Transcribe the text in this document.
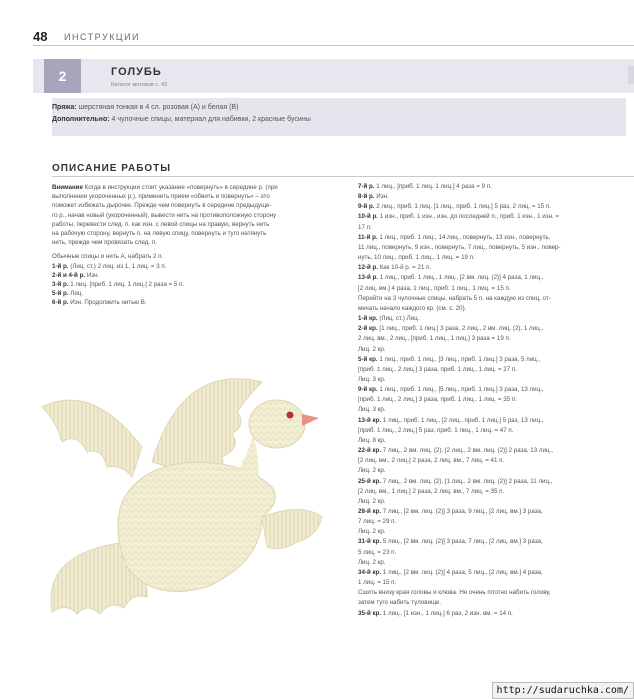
48 ИНСТРУКЦИИ
2	ГОЛУБЬ
Каталог мотивов с. 42
Пряжа: шерстяная тонкая в 4 сл. розовая (A) и белая (B)
Дополнительно: 4 чулочные спицы, материал для набивки, 2 красные бусины
ОПИСАНИЕ РАБОТЫ
Внимание Когда в инструкции стоит указание «повернуть» в середине р. (при
выполнении укороченных р.), применить прием «обвить и повернуть» – это
поможет избежать дырочек. Прежде чем повернуть в середине предыдуще-
го р., начав новый (укороченный), вывести нить на противоположную сторону
работы, перевести след. п. как изн. с левой спицы на правую, вернуть нить
на рабочую сторону, вернуть п. на левую спицу, повернуть и туго натянуть
нить, прежде чем провязать след. п.
Обычные спицы и нить A, набрать 2 п.
1-й р. (Лиц. ст.) 2 лиц. из 1, 1 лиц. = 3 п.
2-й и 4-й р. Изн.
3-й р. 1 лиц. [приб. 1 лиц. 1 лиц.] 2 раза = 5 п.
5-й р. Лиц.
6-й р. Изн. Продолжить нитью B.
7-й р. 1 лиц., [приб. 1 лиц. 1 лиц.] 4 раза = 9 п.
8-й р. Изн.
9-й р. 2 лиц., приб. 1 лиц. [1 лиц., приб. 1 лиц.] 5 раз, 2 лиц. = 15 п.
10-й р. 1 изн., приб. 1 изн., изн. до последней п., приб. 1 изн., 1 изн. =
17 п.
11-й р. 1 лиц., приб. 1 лиц., 14 лиц., повернуть, 13 изн., повернуть,
11 лиц., повернуть, 9 изн., повернуть, 7 лиц., повернуть, 5 изн., повер-
нуть, 10 лиц., приб. 1 лиц., 1 лиц. = 19 п.
12-й р. Как 10-й р. = 21 п.
13-й р. 1 лиц., приб. 1 лиц., 1 лиц., [2 вм. лиц. (2)] 4 раза, 1 лиц.,
[2 лиц. вм.] 4 раза, 1 лиц., приб. 1 лиц., 1 лиц. = 15 п.
Перейти на 3 чулочные спицы, набрать 5 п. на каждую из спиц, от-
мечать начало каждого кр. (см. с. 20).
1-й кр. (Лиц. ст.) Лиц.
2-й кр. [1 лиц., приб. 1 лиц.] 3 раза, 2 лиц., 2 вм. лиц. (2), 1 лиц.,
2 лиц. вм., 2 лиц., [приб. 1 лиц., 1 лиц.] 3 раза = 19 п.
Лиц. 2 кр.
5-й кр. 1 лиц., приб. 1 лиц., [3 лиц., приб. 1 лиц.] 3 раза, 5 лиц.,
[приб. 1 лиц., 2 лиц.] 3 раза, приб. 1 лиц., 1 лиц. = 27 п.
Лиц. 3 кр.
9-й кр. 1 лиц., приб. 1 лиц., [5 лиц., приб. 1 лиц.] 3 раза, 13 лиц.,
[приб. 1 лиц., 2 лиц.] 3 раза, приб. 1 лиц., 1 лиц. = 35 п.
Лиц. 3 кр.
13-й кр. 1 лиц., приб. 1 лиц., [2 лиц., приб. 1 лиц.] 5 раз, 13 лиц.,
[приб. 1 лиц., 2 лиц.] 5 раз, приб. 1 лиц., 1 лиц. = 47 п.
Лиц. 8 кр.
22-й кр. 7 лиц., 2 вм. лиц. (2), [2 лиц., 2 вм. лиц. (2)] 2 раза, 13 лиц.,
[2 лиц. вм., 2 лиц.] 2 раза, 2 лиц. вм., 7 лиц. = 41 п.
Лиц. 2 кр.
25-й кр. 7 лиц., 2 вм. лиц. (2), [1 лиц., 2 вм. лиц. (2)] 2 раза, 11 лиц.,
[2 лиц. вм., 1 лиц.] 2 раза, 2 лиц. вм., 7 лиц. = 35 п.
Лиц. 2 кр.
28-й кр. 7 лиц., [2 вм. лиц. (2)] 3 раза, 9 лиц., [2 лиц. вм.] 3 раза,
7 лиц. = 29 п.
Лиц. 2 кр.
31-й кр. 5 лиц., [2 вм. лиц. (2)] 3 раза, 7 лиц., [2 лиц. вм.] 3 раза,
5 лиц. = 23 п.
Лиц. 2 кр.
34-й кр. 1 лиц., [2 вм. лиц. (2)] 4 раза, 5 лиц., [2 лиц. вм.] 4 раза,
1 лиц. = 15 п.
Сшить внизу края головы и клюва. Не очень плотно набить голову,
затем туго набить туловище.
35-й кр. 1 лиц., [1 изн., 1 лиц.] 6 раз, 2 изн. вм. = 14 п.
http://sudaruchka.com/
